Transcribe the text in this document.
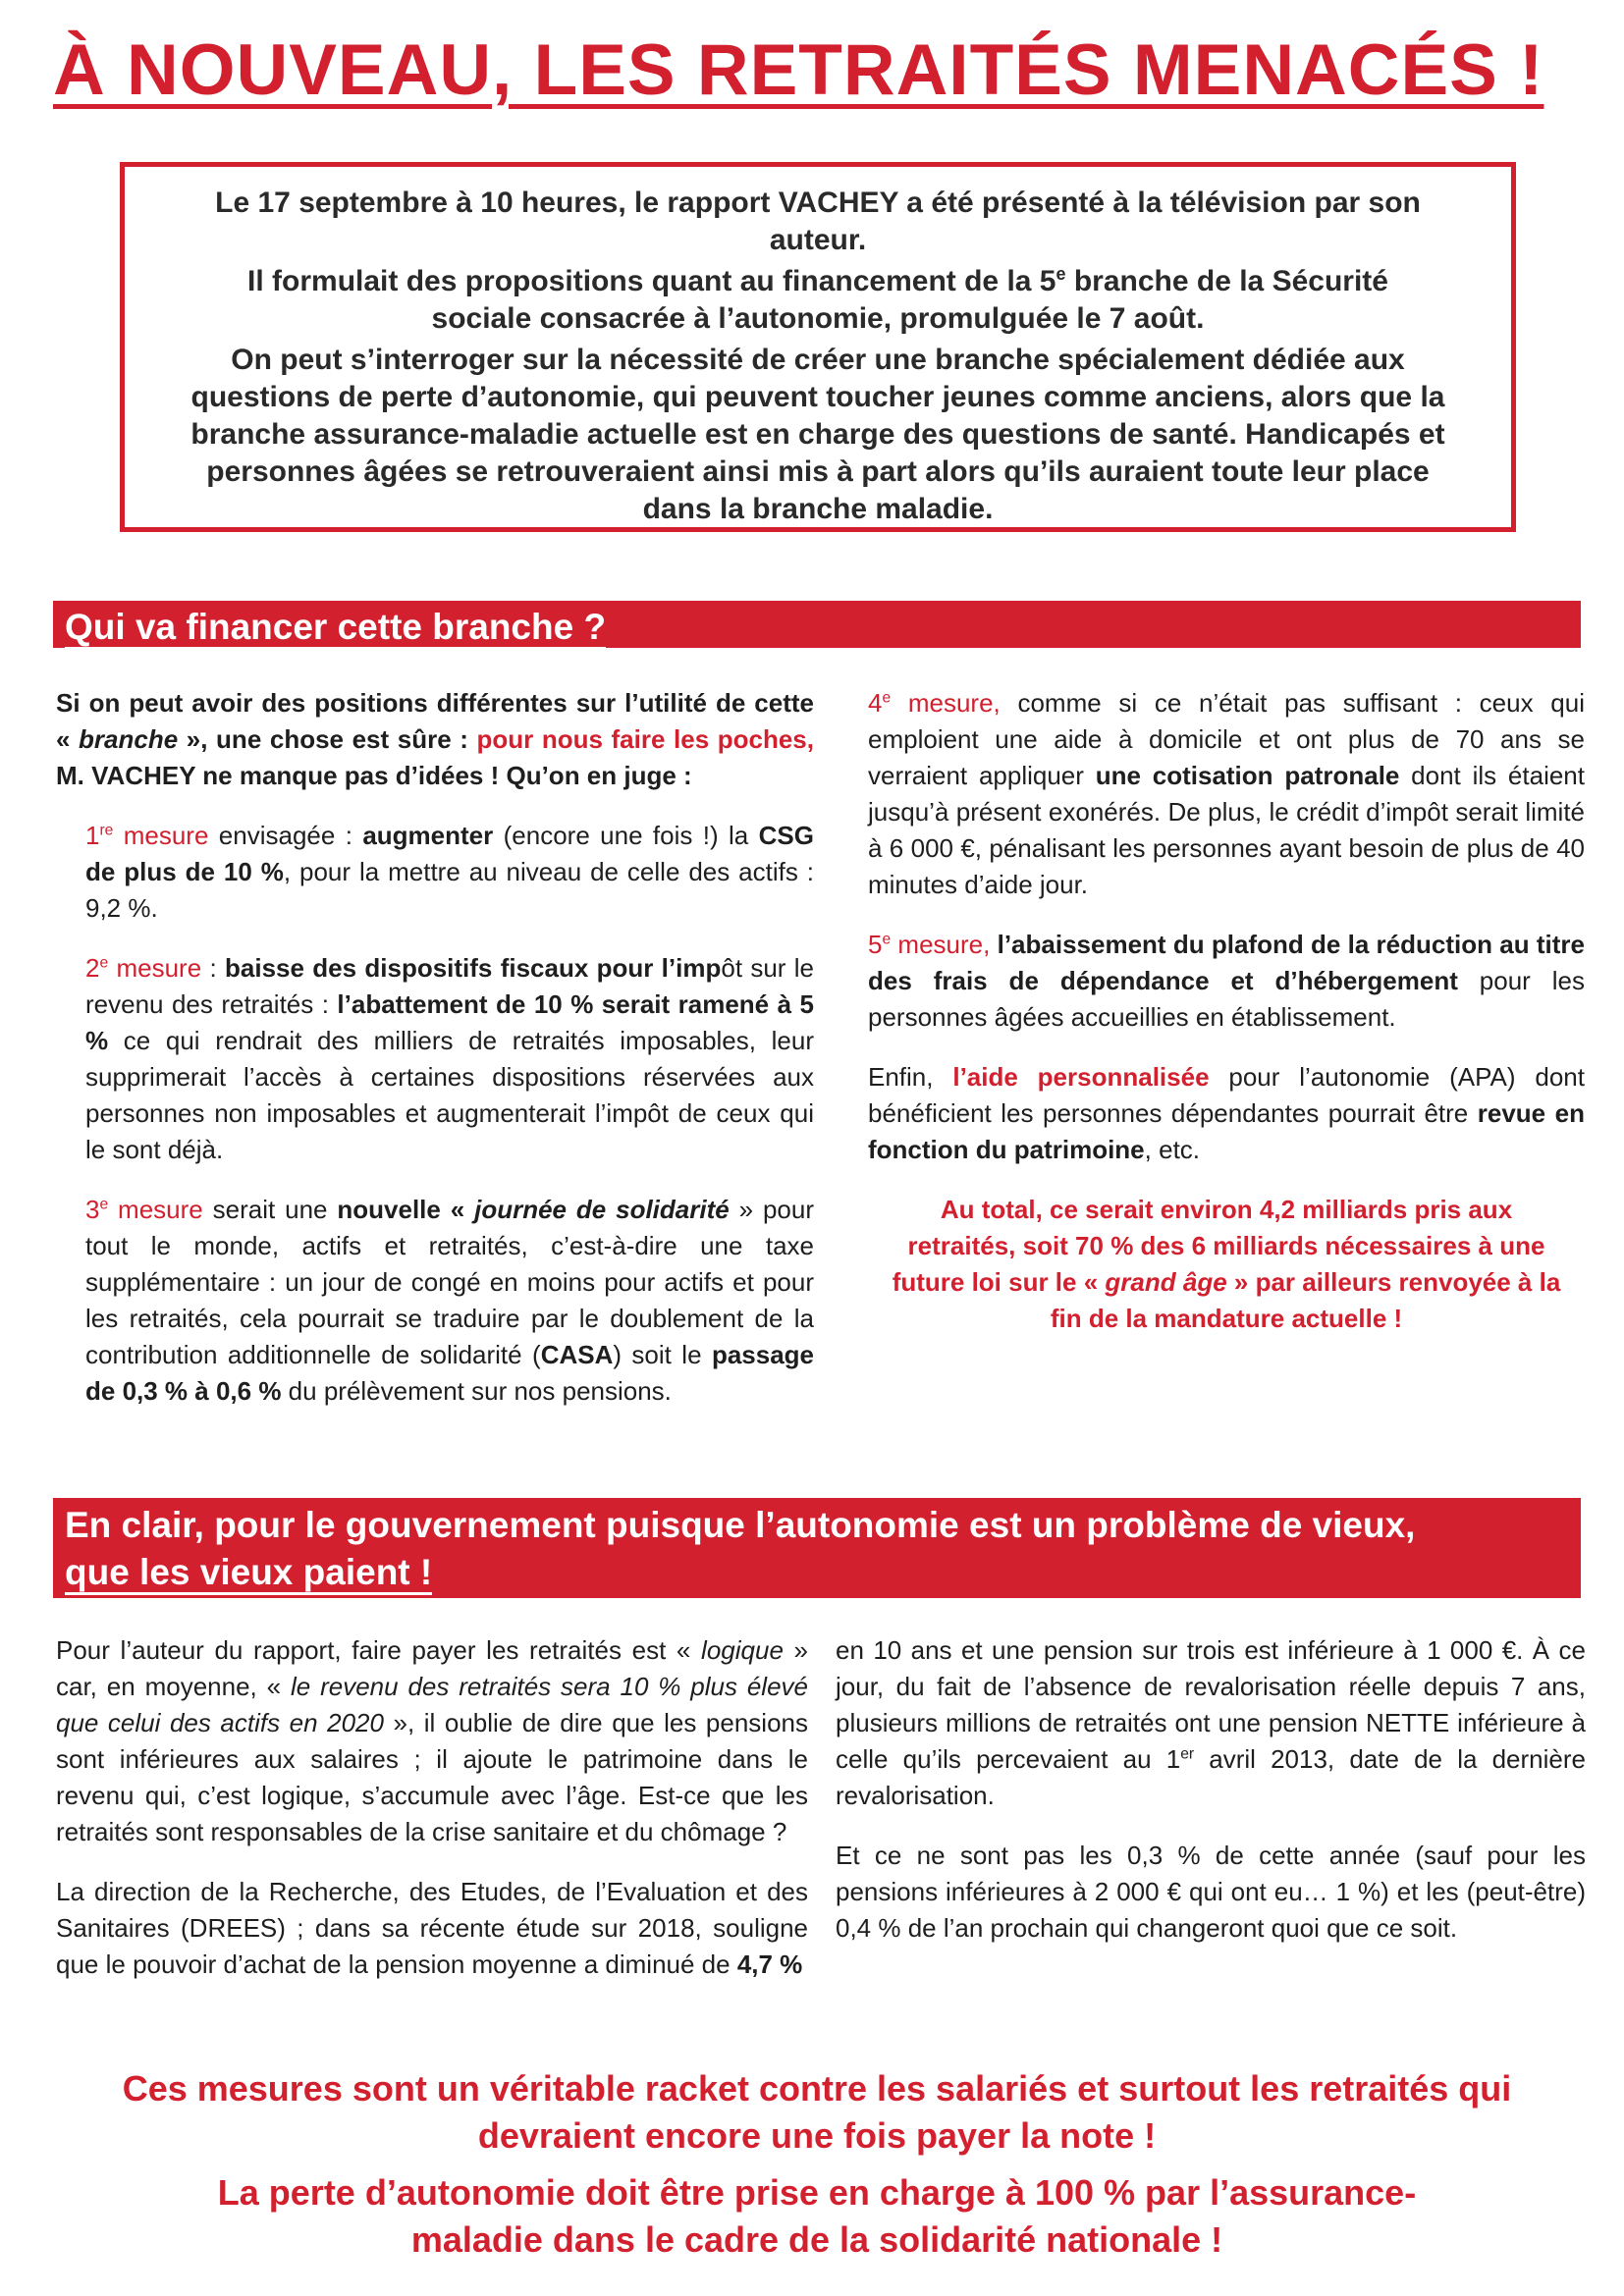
À NOUVEAU, LES RETRAITÉS MENACÉS !

Le 17 septembre à 10 heures, le rapport VACHEY a été présenté à la télévision par son auteur.

Il formulait des propositions quant au financement de la 5e branche de la Sécurité sociale consacrée à l’autonomie, promulguée le 7 août.

On peut s’interroger sur la nécessité de créer une branche spécialement dédiée aux questions de perte d’autonomie, qui peuvent toucher jeunes comme anciens, alors que la branche assurance-maladie actuelle est en charge des questions de santé. Handicapés et personnes âgées se retrouveraient ainsi mis à part alors qu’ils auraient toute leur place dans la branche maladie.

Qui va financer cette branche ?

Si on peut avoir des positions différentes sur l’utilité de cette « branche », une chose est sûre : pour nous faire les poches, M. VACHEY ne manque pas d’idées ! Qu’on en juge :

1re mesure envisagée : augmenter (encore une fois !) la CSG de plus de 10 %, pour la mettre au niveau de celle des actifs : 9,2 %.

2e mesure : baisse des dispositifs fiscaux pour l’impôt sur le revenu des retraités : l’abattement de 10 % serait ramené à 5 % ce qui rendrait des milliers de retraités imposables, leur supprimerait l’accès à certaines dispositions réservées aux personnes non imposables et augmenterait l’impôt de ceux qui le sont déjà.

3e mesure serait une nouvelle « journée de solidarité » pour tout le monde, actifs et retraités, c’est-à-dire une taxe supplémentaire : un jour de congé en moins pour actifs et pour les retraités, cela pourrait se traduire par le doublement de la contribution additionnelle de solidarité (CASA) soit le passage de 0,3 % à 0,6 % du prélèvement sur nos pensions.

4e mesure, comme si ce n’était pas suffisant : ceux qui emploient une aide à domicile et ont plus de 70 ans se verraient appliquer une cotisation patronale dont ils étaient jusqu’à présent exonérés. De plus, le crédit d’impôt serait limité à 6 000 €, pénalisant les personnes ayant besoin de plus de 40 minutes d’aide jour.

5e mesure, l’abaissement du plafond de la réduction au titre des frais de dépendance et d’hébergement pour les personnes âgées accueillies en établissement.

Enfin, l’aide personnalisée pour l’autonomie (APA) dont bénéficient les personnes dépendantes pourrait être revue en fonction du patrimoine, etc.

Au total, ce serait environ 4,2 milliards pris aux retraités, soit 70 % des 6 milliards nécessaires à une future loi sur le « grand âge » par ailleurs renvoyée à la fin de la mandature actuelle !

En clair, pour le gouvernement puisque l’autonomie est un problème de vieux,
que les vieux paient !

Pour l’auteur du rapport, faire payer les retraités est « logique » car, en moyenne, « le revenu des retraités sera 10 % plus élevé que celui des actifs en 2020 », il oublie de dire que les pensions sont inférieures aux salaires ; il ajoute le patrimoine dans le revenu qui, c’est logique, s’accumule avec l’âge. Est-ce que les retraités sont responsables de la crise sanitaire et du chômage ?

La direction de la Recherche, des Etudes, de l’Evaluation et des Sanitaires (DREES) ; dans sa récente étude sur 2018, souligne que le pouvoir d’achat de la pension moyenne a diminué de 4,7 %

en 10 ans et une pension sur trois est inférieure à 1 000 €. À ce jour, du fait de l’absence de revalorisation réelle depuis 7 ans, plusieurs millions de retraités ont une pension NETTE inférieure à celle qu’ils percevaient au 1er avril 2013, date de la dernière revalorisation.

Et ce ne sont pas les 0,3 % de cette année (sauf pour les pensions inférieures à 2 000 € qui ont eu… 1 %) et les (peut-être) 0,4 % de l’an prochain qui changeront quoi que ce soit.

Ces mesures sont un véritable racket contre les salariés et surtout les retraités qui devraient encore une fois payer la note !

La perte d’autonomie doit être prise en charge à 100 % par l’assurance-maladie dans le cadre de la solidarité nationale !
